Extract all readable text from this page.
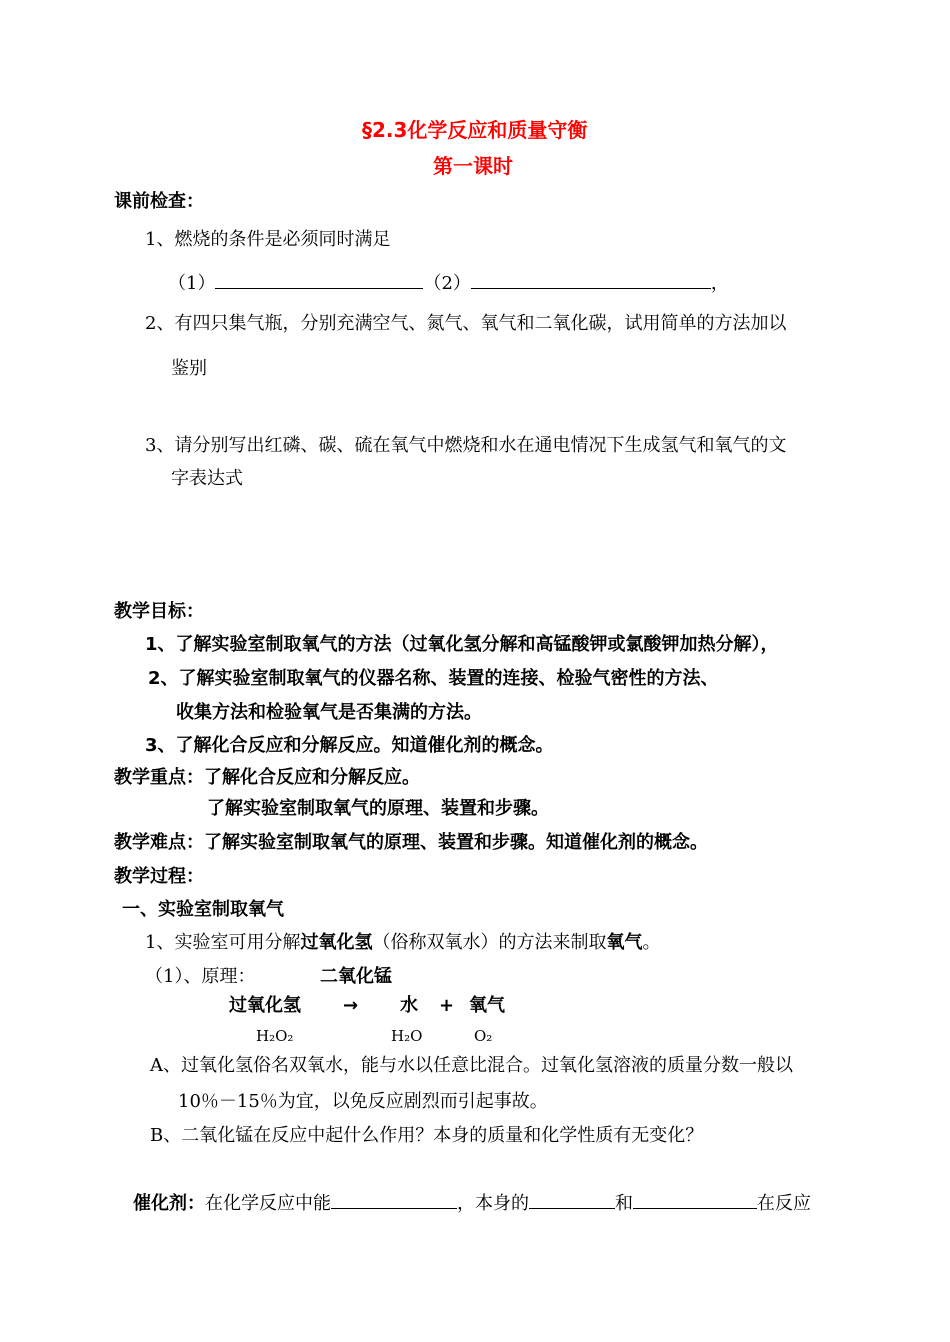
§2.3化学反应和质量守衡
第一课时
课前检查：
1、燃烧的条件是必须同时满足
（1）	（2）	，
2、有四只集气瓶，分别充满空气、氮气、氧气和二氧化碳，试用简单的方法加以
鉴别
3、请分别写出红磷、碳、硫在氧气中燃烧和水在通电情况下生成氢气和氧气的文
字表达式
教学目标：
1、了解实验室制取氧气的方法（过氧化氢分解和高锰酸钾或氯酸钾加热分解），
2、了解实验室制取氧气的仪器名称、装置的连接、检验气密性的方法、
收集方法和检验氧气是否集满的方法。
3、了解化合反应和分解反应。知道催化剂的概念。
教学重点：了解化合反应和分解反应。
了解实验室制取氧气的原理、装置和步骤。
教学难点：了解实验室制取氧气的原理、装置和步骤。知道催化剂的概念。
教学过程：
一、实验室制取氧气
1、实验室可用分解过氧化氢（俗称双氧水）的方法来制取氧气。
（1）、原理：	二氧化锰
过氧化氢 → 水 + 氧气
H₂O₂	H₂O	O₂
A、过氧化氢俗名双氧水，能与水以任意比混合。过氧化氢溶液的质量分数一般以
10％－15％为宜，以免反应剧烈而引起事故。
B、二氧化锰在反应中起什么作用？本身的质量和化学性质有无变化？
催化剂：在化学反应中能	，本身的	和	在反应
